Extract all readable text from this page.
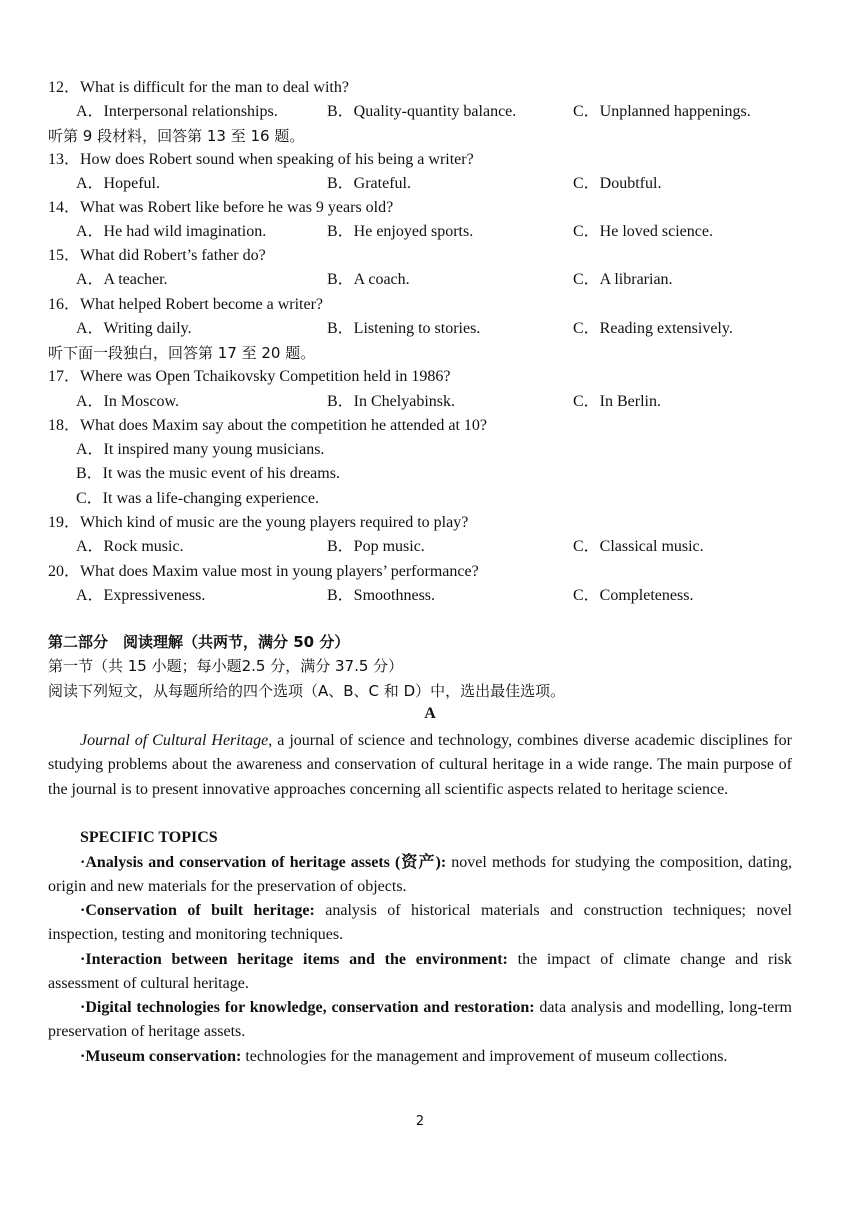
12．What is difficult for the man to deal with?
A．Interpersonal relationships.	B．Quality-quantity balance.	C．Unplanned happenings.
听第 9 段材料，回答第 13 至 16 题。
13．How does Robert sound when speaking of his being a writer?
A．Hopeful.	B．Grateful.	C．Doubtful.
14．What was Robert like before he was 9 years old?
A．He had wild imagination.	B．He enjoyed sports.	C．He loved science.
15．What did Robert’s father do?
A．A teacher.	B．A coach.	C．A librarian.
16．What helped Robert become a writer?
A．Writing daily.	B．Listening to stories.	C．Reading extensively.
听下面一段独白，回答第 17 至 20 题。
17．Where was Open Tchaikovsky Competition held in 1986?
A．In Moscow.	B．In Chelyabinsk.	C．In Berlin.
18．What does Maxim say about the competition he attended at 10?
A．It inspired many young musicians.
B．It was the music event of his dreams.
C．It was a life-changing experience.
19．Which kind of music are the young players required to play?
A．Rock music.	B．Pop music.	C．Classical music.
20．What does Maxim value most in young players’ performance?
A．Expressiveness.	B．Smoothness.	C．Completeness.
第二部分　阅读理解（共两节，满分 50 分）
第一节（共 15 小题；每小题2.5 分，满分 37.5 分）
阅读下列短文，从每题所给的四个选项（A、B、C 和 D）中，选出最佳选项。
A
Journal of Cultural Heritage, a journal of science and technology, combines diverse academic disciplines for studying problems about the awareness and conservation of cultural heritage in a wide range. The main purpose of the journal is to present innovative approaches concerning all scientific aspects related to heritage science.
SPECIFIC TOPICS
·Analysis and conservation of heritage assets (资产): novel methods for studying the composition, dating, origin and new materials for the preservation of objects.
·Conservation of built heritage: analysis of historical materials and construction techniques; novel inspection, testing and monitoring techniques.
·Interaction between heritage items and the environment: the impact of climate change and risk assessment of cultural heritage.
·Digital technologies for knowledge, conservation and restoration: data analysis and modelling, long-term preservation of heritage assets.
·Museum conservation: technologies for the management and improvement of museum collections.
2
